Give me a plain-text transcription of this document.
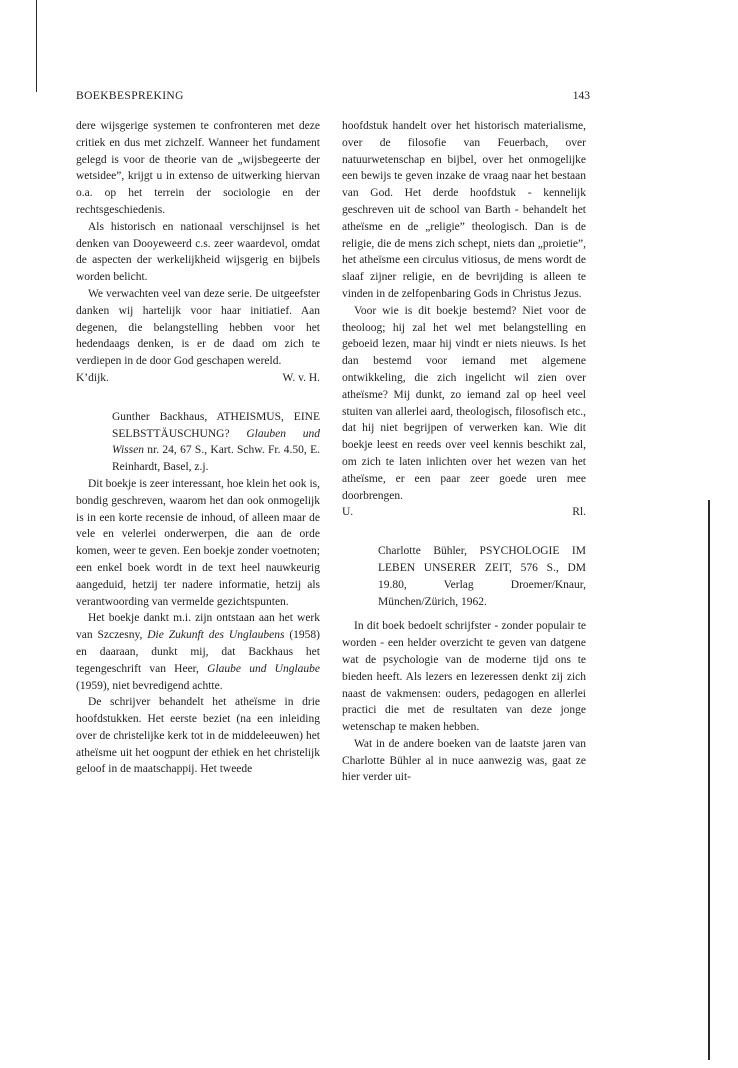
BOEKBESPREKING	143

dere wijsgerige systemen te confronteren met deze critiek en dus met zichzelf. Wanneer het fundament gelegd is voor de theorie van de „wijsbegeerte der wetsidee”, krijgt u in extenso de uitwerking hiervan o.a. op het terrein der sociologie en der rechtsgeschiedenis.

Als historisch en nationaal verschijnsel is het denken van Dooyeweerd c.s. zeer waardevol, omdat de aspecten der werkelijkheid wijsgerig en bijbels worden belicht.

We verwachten veel van deze serie. De uitgeefster danken wij hartelijk voor haar initiatief. Aan degenen, die belangstelling hebben voor het hedendaags denken, is er de daad om zich te verdiepen in de door God geschapen wereld.

K’dijk.	W. v. H.

Gunther Backhaus, ATHEISMUS, EINE SELBSTTÄUSCHUNG? Glauben und Wissen nr. 24, 67 S., Kart. Schw. Fr. 4.50, E. Reinhardt, Basel, z.j.

Dit boekje is zeer interessant, hoe klein het ook is, bondig geschreven, waarom het dan ook onmogelijk is in een korte recensie de inhoud, of alleen maar de vele en velerlei onderwerpen, die aan de orde komen, weer te geven. Een boekje zonder voetnoten; een enkel boek wordt in de text heel nauwkeurig aangeduid, hetzij ter nadere informatie, hetzij als verantwoording van vermelde gezichtspunten.

Het boekje dankt m.i. zijn ontstaan aan het werk van Szczesny, Die Zukunft des Unglaubens (1958) en daaraan, dunkt mij, dat Backhaus het tegengeschrift van Heer, Glaube und Unglaube (1959), niet bevredigend achtte.

De schrijver behandelt het atheïsme in drie hoofdstukken. Het eerste beziet (na een inleiding over de christelijke kerk tot in de middeleeuwen) het atheïsme uit het oogpunt der ethiek en het christelijk geloof in de maatschappij. Het tweede

hoofdstuk handelt over het historisch materialisme, over de filosofie van Feuerbach, over natuurwetenschap en bijbel, over het onmogelijke een bewijs te geven inzake de vraag naar het bestaan van God. Het derde hoofdstuk - kennelijk geschreven uit de school van Barth - behandelt het atheïsme en de „religie” theologisch. Dan is de religie, die de mens zich schept, niets dan „proietie”, het atheïsme een circulus vitiosus, de mens wordt de slaaf zijner religie, en de bevrijding is alleen te vinden in de zelfopenbaring Gods in Christus Jezus.

Voor wie is dit boekje bestemd? Niet voor de theoloog; hij zal het wel met belangstelling en geboeid lezen, maar hij vindt er niets nieuws. Is het dan bestemd voor iemand met algemene ontwikkeling, die zich ingelicht wil zien over atheïsme? Mij dunkt, zo iemand zal op heel veel stuiten van allerlei aard, theologisch, filosofisch etc., dat hij niet begrijpen of verwerken kan. Wie dit boekje leest en reeds over veel kennis beschikt zal, om zich te laten inlichten over het wezen van het atheïsme, er een paar zeer goede uren mee doorbrengen.

U.	Rl.

Charlotte Bühler, PSYCHOLOGIE IM LEBEN UNSERER ZEIT, 576 S., DM 19.80, Verlag Droemer/Knaur, München/Zürich, 1962.

In dit boek bedoelt schrijfster - zonder populair te worden - een helder overzicht te geven van datgene wat de psychologie van de moderne tijd ons te bieden heeft. Als lezers en lezeressen denkt zij zich naast de vakmensen: ouders, pedagogen en allerlei practici die met de resultaten van deze jonge wetenschap te maken hebben.

Wat in de andere boeken van de laatste jaren van Charlotte Bühler al in nuce aanwezig was, gaat ze hier verder uit-
